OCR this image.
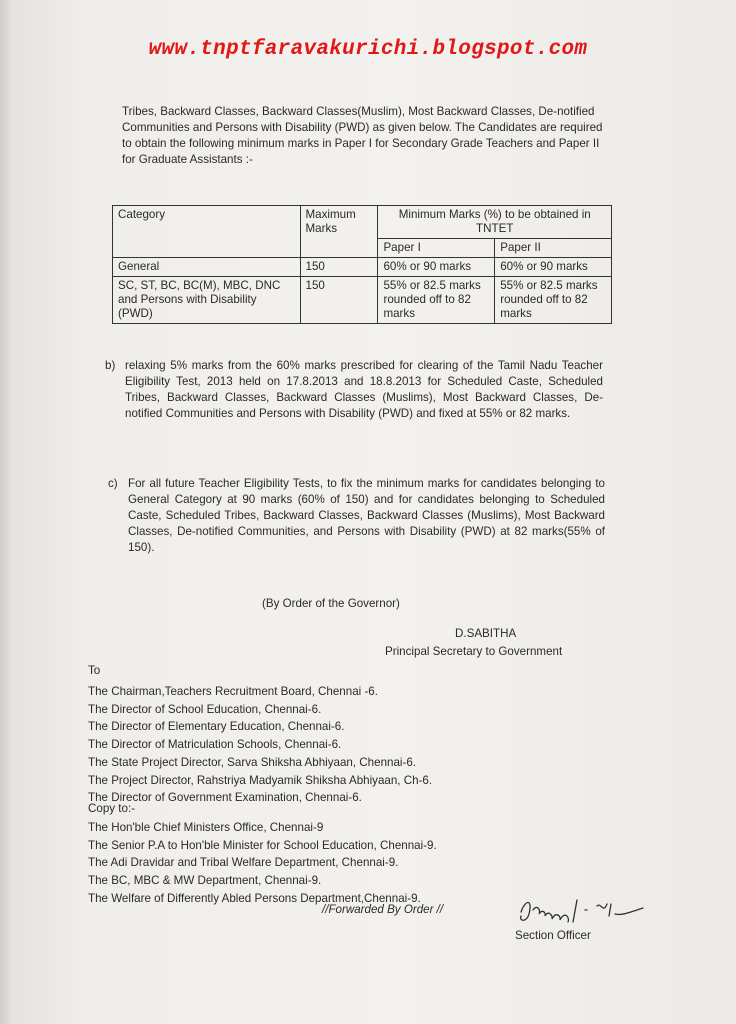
www.tnptfaravakurichi.blogspot.com

Tribes, Backward Classes, Backward Classes(Muslim), Most Backward Classes, De-notified Communities and Persons with Disability (PWD) as given below. The Candidates are required to obtain the following minimum marks in Paper I for Secondary Grade Teachers and Paper II for Graduate Assistants :-

Category	Maximum Marks	Minimum Marks (%) to be obtained in TNTET	
		Paper I	Paper II
General	150	60% or 90 marks	60% or 90 marks
SC, ST, BC, BC(M), MBC, DNC and Persons with Disability (PWD)	150	55% or 82.5 marks rounded off to 82 marks	55% or 82.5 marks rounded off to 82 marks
b) relaxing 5% marks from the 60% marks prescribed for clearing of the Tamil Nadu Teacher Eligibility Test, 2013 held on 17.8.2013 and 18.8.2013 for Scheduled Caste, Scheduled Tribes, Backward Classes, Backward Classes (Muslims), Most Backward Classes, De-notified Communities and Persons with Disability (PWD) and fixed at 55% or 82 marks.
c) For all future Teacher Eligibility Tests, to fix the minimum marks for candidates belonging to General Category at 90 marks (60% of 150) and for candidates belonging to Scheduled Caste, Scheduled Tribes, Backward Classes, Backward Classes (Muslims), Most Backward Classes, De-notified Communities, and Persons with Disability (PWD) at 82 marks(55% of 150).
(By Order of the Governor)
D.SABITHA
Principal Secretary to Government
To
The Chairman,Teachers Recruitment Board, Chennai -6.
The Director of School Education, Chennai-6.
The Director of Elementary Education, Chennai-6.
The Director of Matriculation Schools, Chennai-6.
The State Project Director, Sarva Shiksha Abhiyaan, Chennai-6.
The Project Director, Rahstriya Madyamik Shiksha Abhiyaan, Ch-6.
The Director of Government Examination, Chennai-6.
Copy to:-
The Hon'ble Chief Ministers Office, Chennai-9
The Senior P.A to Hon'ble Minister for School Education, Chennai-9.
The Adi Dravidar and Tribal Welfare Department, Chennai-9.
The BC, MBC & MW Department, Chennai-9.
The Welfare of Differently Abled Persons Department,Chennai-9.
//Forwarded By Order //
Section Officer
